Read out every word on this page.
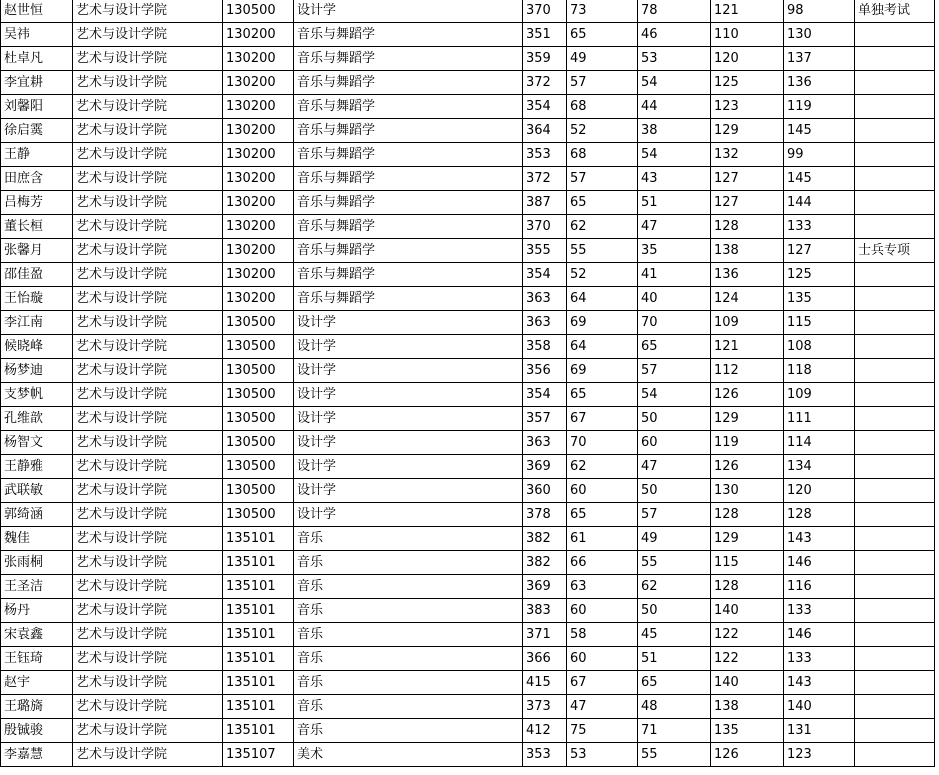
赵世恒	艺术与设计学院	130500	设计学	370	73	78	121	98	单独考试
吴祎	艺术与设计学院	130200	音乐与舞蹈学	351	65	46	110	130	
杜卓凡	艺术与设计学院	130200	音乐与舞蹈学	359	49	53	120	137	
李宜耕	艺术与设计学院	130200	音乐与舞蹈学	372	57	54	125	136	
刘馨阳	艺术与设计学院	130200	音乐与舞蹈学	354	68	44	123	119	
徐启霙	艺术与设计学院	130200	音乐与舞蹈学	364	52	38	129	145	
王静	艺术与设计学院	130200	音乐与舞蹈学	353	68	54	132	99	
田庶含	艺术与设计学院	130200	音乐与舞蹈学	372	57	43	127	145	
吕梅芳	艺术与设计学院	130200	音乐与舞蹈学	387	65	51	127	144	
董长桓	艺术与设计学院	130200	音乐与舞蹈学	370	62	47	128	133	
张馨月	艺术与设计学院	130200	音乐与舞蹈学	355	55	35	138	127	士兵专项
邵佳盈	艺术与设计学院	130200	音乐与舞蹈学	354	52	41	136	125	
王怡璇	艺术与设计学院	130200	音乐与舞蹈学	363	64	40	124	135	
李江南	艺术与设计学院	130500	设计学	363	69	70	109	115	
候晓峰	艺术与设计学院	130500	设计学	358	64	65	121	108	
杨梦迪	艺术与设计学院	130500	设计学	356	69	57	112	118	
支梦帆	艺术与设计学院	130500	设计学	354	65	54	126	109	
孔维歆	艺术与设计学院	130500	设计学	357	67	50	129	111	
杨智文	艺术与设计学院	130500	设计学	363	70	60	119	114	
王静雅	艺术与设计学院	130500	设计学	369	62	47	126	134	
武联敏	艺术与设计学院	130500	设计学	360	60	50	130	120	
郭绮涵	艺术与设计学院	130500	设计学	378	65	57	128	128	
魏佳	艺术与设计学院	135101	音乐	382	61	49	129	143	
张雨桐	艺术与设计学院	135101	音乐	382	66	55	115	146	
王圣洁	艺术与设计学院	135101	音乐	369	63	62	128	116	
杨丹	艺术与设计学院	135101	音乐	383	60	50	140	133	
宋袁鑫	艺术与设计学院	135101	音乐	371	58	45	122	146	
王钰琦	艺术与设计学院	135101	音乐	366	60	51	122	133	
赵宇	艺术与设计学院	135101	音乐	415	67	65	140	143	
王璐旖	艺术与设计学院	135101	音乐	373	47	48	138	140	
殷铖骏	艺术与设计学院	135101	音乐	412	75	71	135	131	
李嘉慧	艺术与设计学院	135107	美术	353	53	55	126	123	
